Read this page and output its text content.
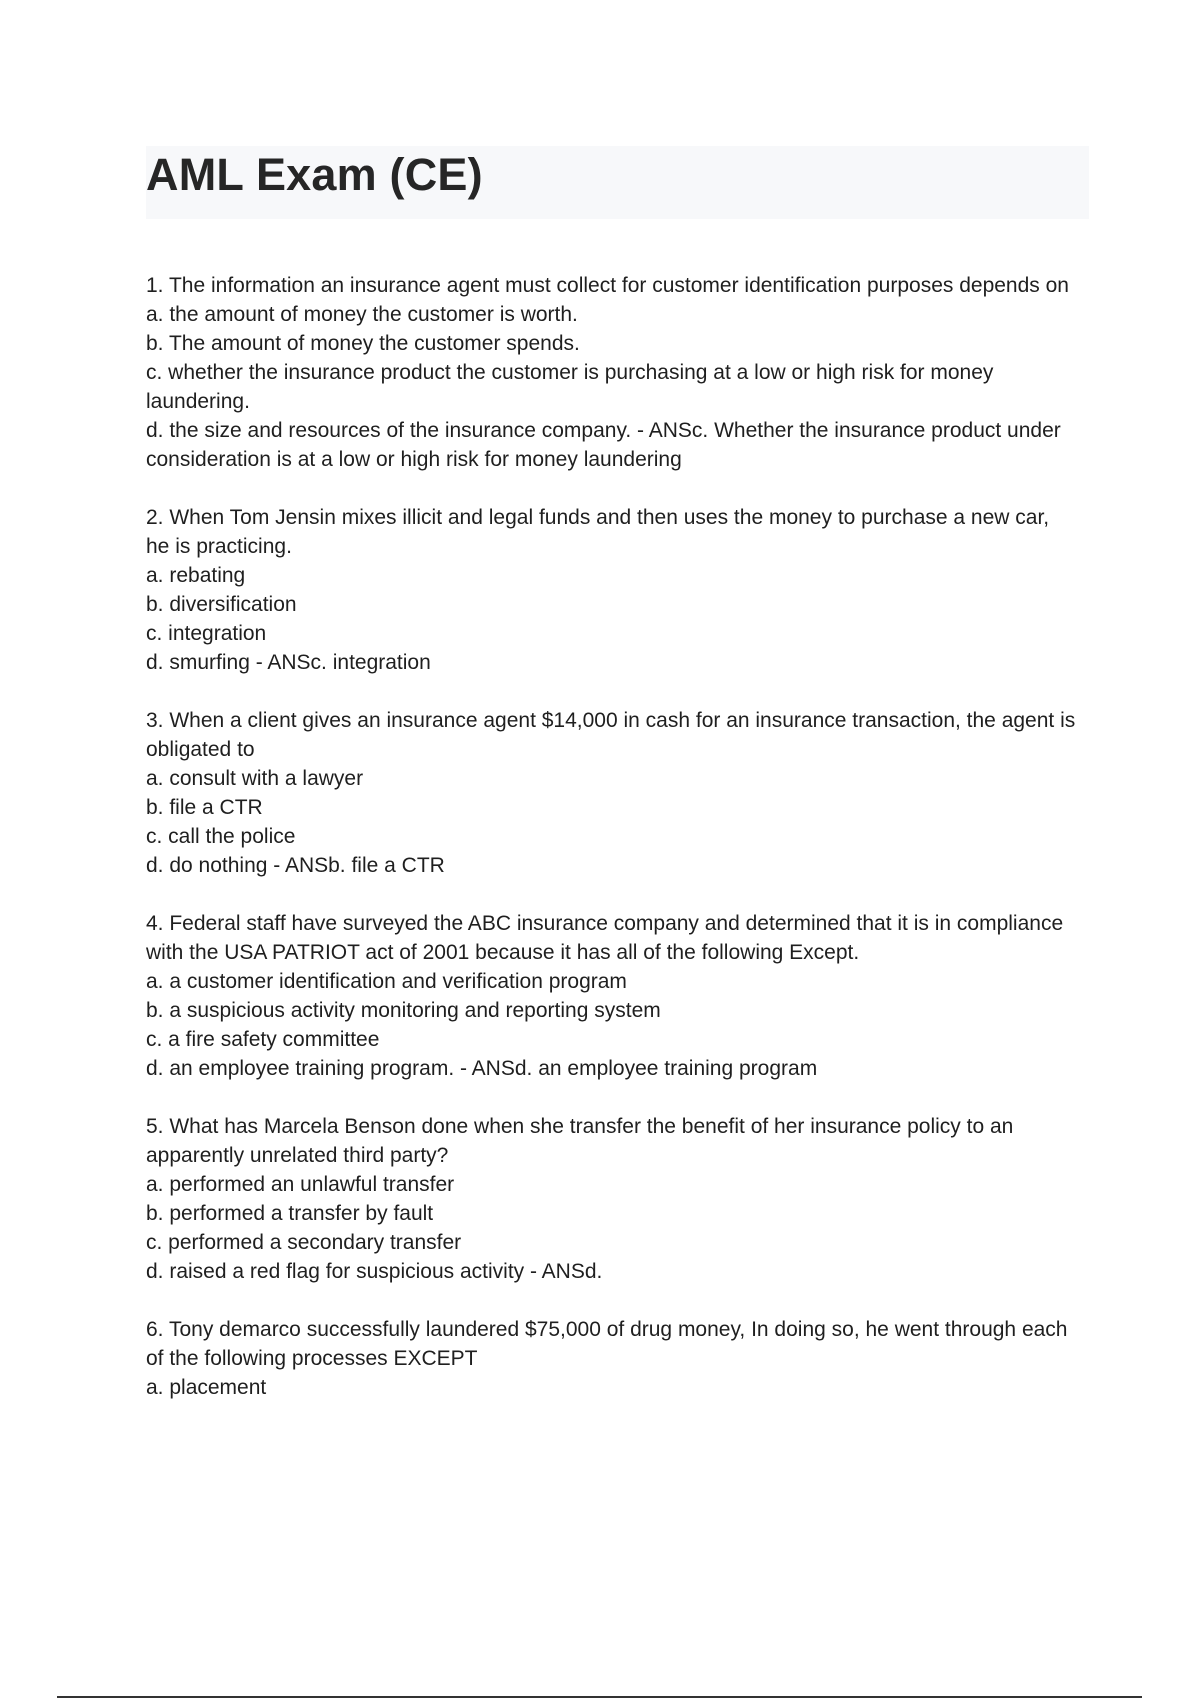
AML Exam (CE)

1. The information an insurance agent must collect for customer identification purposes depends on

a. the amount of money the customer is worth.

b. The amount of money the customer spends.

c. whether the insurance product the customer is purchasing at a low or high risk for money laundering.

d. the size and resources of the insurance company. - ANSc. Whether the insurance product under consideration is at a low or high risk for money laundering

2. When Tom Jensin mixes illicit and legal funds and then uses the money to purchase a new car, he is practicing.

a. rebating

b. diversification

c. integration

d. smurfing - ANSc. integration

3. When a client gives an insurance agent $14,000 in cash for an insurance transaction, the agent is obligated to

a. consult with a lawyer

b. file a CTR

c. call the police

d. do nothing - ANSb. file a CTR

4. Federal staff have surveyed the ABC insurance company and determined that it is in compliance with the USA PATRIOT act of 2001 because it has all of the following Except.

a. a customer identification and verification program

b. a suspicious activity monitoring and reporting system

c. a fire safety committee

d. an employee training program. - ANSd. an employee training program

5. What has Marcela Benson done when she transfer the benefit of her insurance policy to an apparently unrelated third party?

a. performed an unlawful transfer

b. performed a transfer by fault

c. performed a secondary transfer

d. raised a red flag for suspicious activity - ANSd.

6. Tony demarco successfully laundered $75,000 of drug money, In doing so, he went through each of the following processes EXCEPT

a. placement
